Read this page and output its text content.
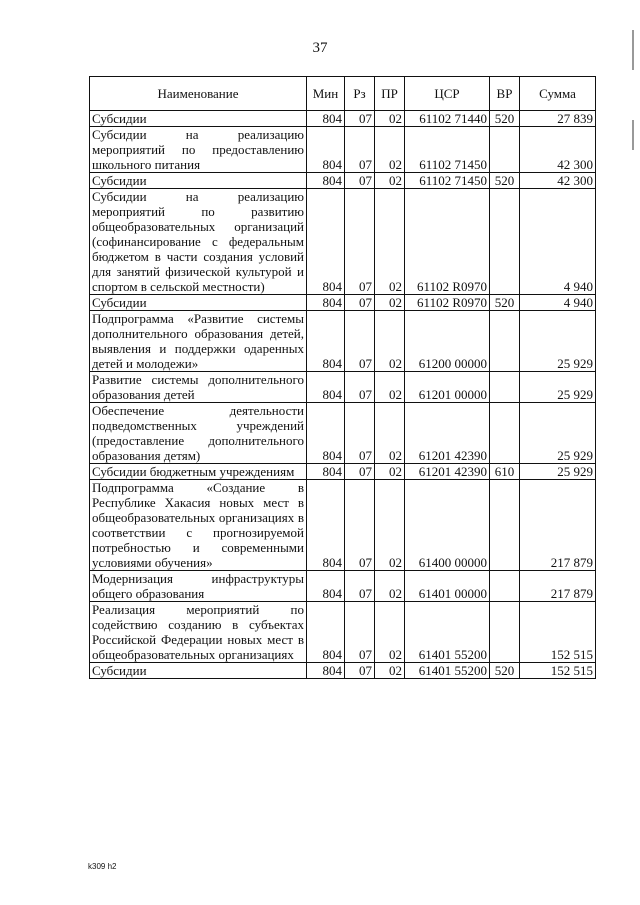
37
Наименование	Мин	Рз	ПР	ЦСР	ВР	Сумма
Субсидии	804	07	02	61102 71440	520	27 839
Субсидии на реализацию мероприятий по предоставлению школьного питания	804	07	02	61102 71450		42 300
Субсидии	804	07	02	61102 71450	520	42 300
Субсидии на реализацию мероприятий по развитию общеобразовательных организаций (софинансирование с федеральным бюджетом в части создания условий для занятий физической культурой и спортом в сельской местности)	804	07	02	61102 R0970		4 940
Субсидии	804	07	02	61102 R0970	520	4 940
Подпрограмма «Развитие системы дополнительного образования детей, выявления и поддержки одаренных детей и молодежи»	804	07	02	61200 00000		25 929
Развитие системы дополнительного образования детей	804	07	02	61201 00000		25 929
Обеспечение деятельности подведомственных учреждений (предоставление дополнительного образования детям)	804	07	02	61201 42390		25 929
Субсидии бюджетным учреждениям	804	07	02	61201 42390	610	25 929
Подпрограмма «Создание в Республике Хакасия новых мест в общеобразовательных организациях в соответствии с прогнозируемой потребностью и современными условиями обучения»	804	07	02	61400 00000		217 879
Модернизация инфраструктуры общего образования	804	07	02	61401 00000		217 879
Реализация мероприятий по содействию созданию в субъектах Российской Федерации новых мест в общеобразовательных организациях	804	07	02	61401 55200		152 515
Субсидии	804	07	02	61401 55200	520	152 515
k309 h2
